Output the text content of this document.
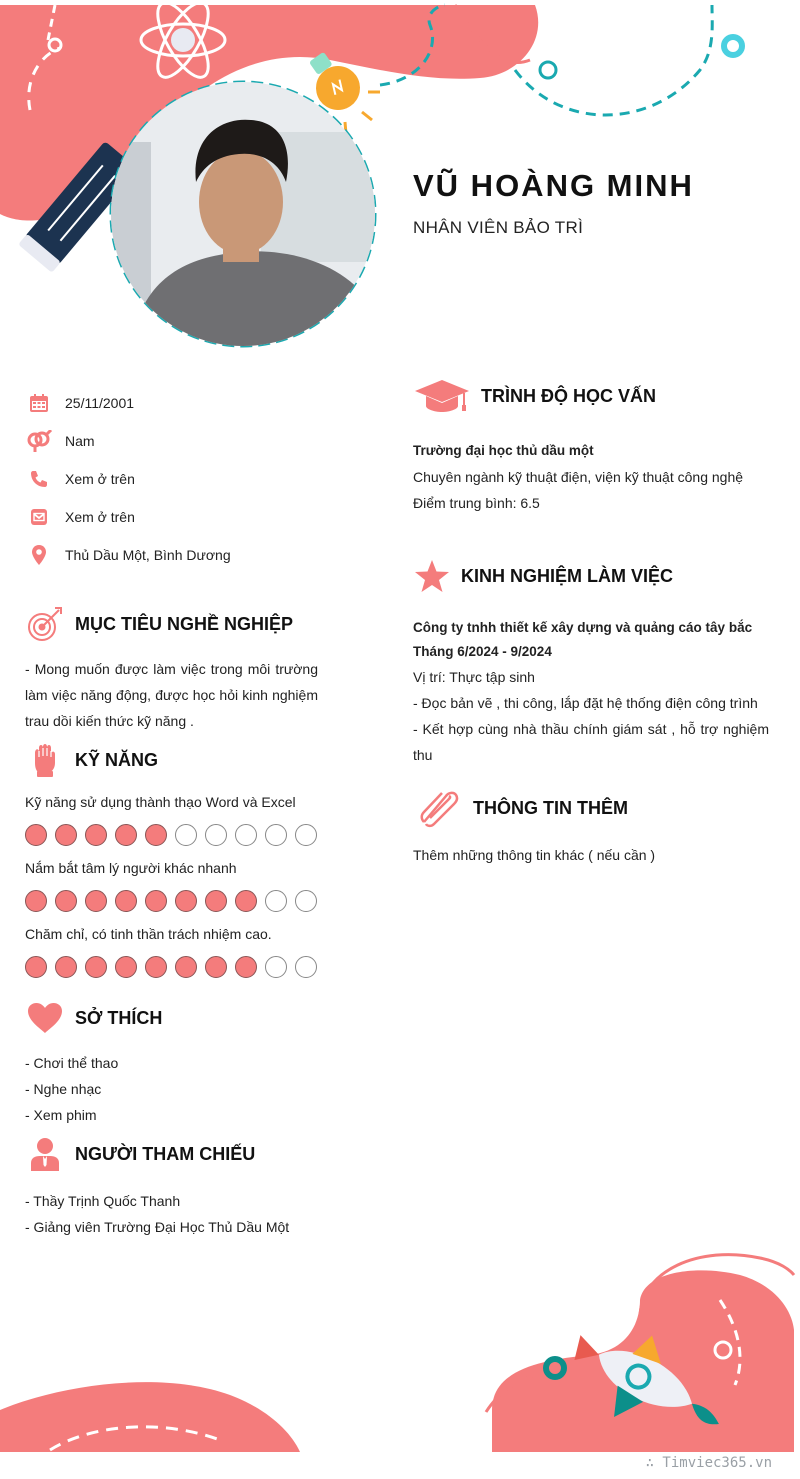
VŨ HOÀNG MINH
NHÂN VIÊN BẢO TRÌ
25/11/2001
Nam
Xem ở trên
Xem ở trên
Thủ Dầu Một, Bình Dương
MỤC TIÊU NGHỀ NGHIỆP
- Mong muốn được làm việc trong môi trường làm việc năng động, được học hỏi kinh nghiệm trau dồi kiến thức kỹ năng .
KỸ NĂNG
Kỹ năng sử dụng thành thạo Word và Excel
Nắm bắt tâm lý người khác nhanh
Chăm chỉ, có tinh thần trách nhiệm cao.
SỞ THÍCH
- Chơi thể thao
- Nghe nhạc
- Xem phim
NGƯỜI THAM CHIẾU
- Thầy Trịnh Quốc Thanh
- Giảng viên Trường Đại Học Thủ Dầu Một
TRÌNH ĐỘ HỌC VẤN
Trường đại học thủ dầu một
Chuyên ngành kỹ thuật điện, viện kỹ thuật công nghệ
Điểm trung bình: 6.5
KINH NGHIỆM LÀM VIỆC
Công ty tnhh thiết kế xây dựng và quảng cáo tây bắc
Tháng 6/2024 - 9/2024
Vị trí: Thực tập sinh
- Đọc bản vẽ , thi công, lắp đặt hệ thống điện công trình
- Kết hợp cùng nhà thầu chính giám sát , hỗ trợ nghiệm thu
THÔNG TIN THÊM
Thêm những thông tin khác ( nếu cần )
∴ Timviec365.vn
